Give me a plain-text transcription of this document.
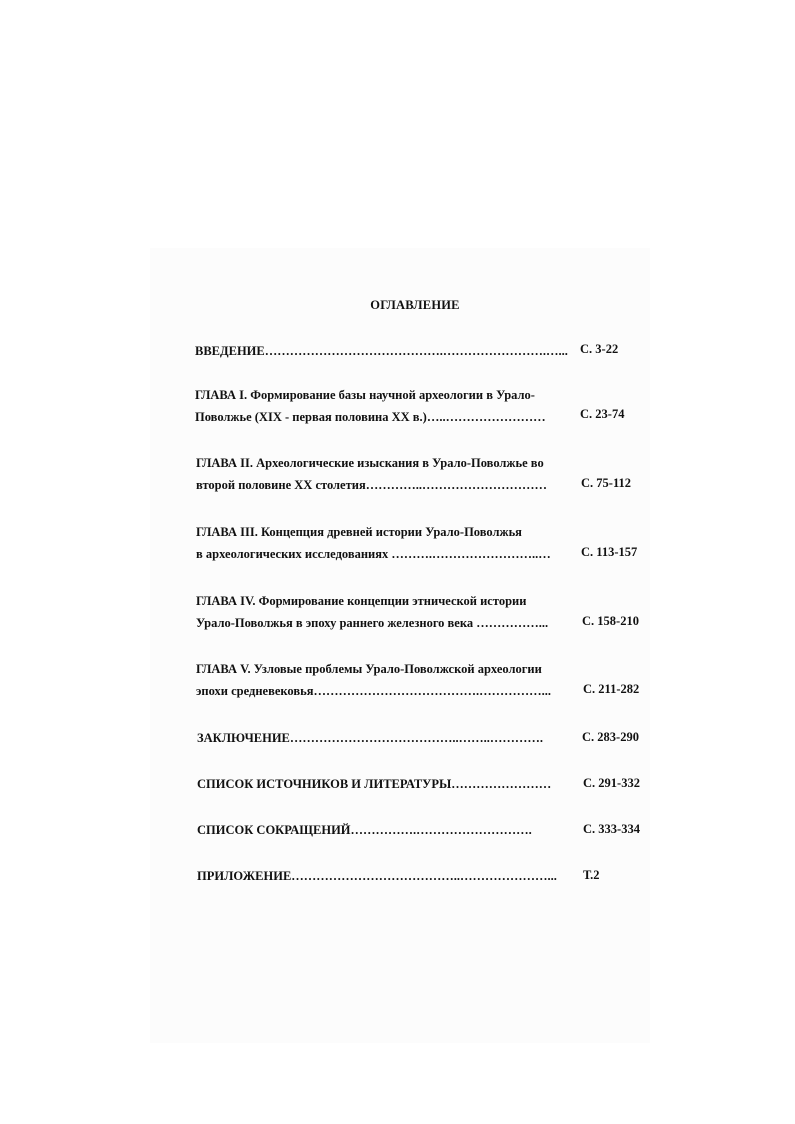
ОГЛАВЛЕНИЕ
ВВЕДЕНИЕ…………………………………….…………………….…... С. 3-22
ГЛАВА I. Формирование базы научной археологии в Урало-
Поволжье (XIX - первая половина XX в.)…..……………………	С. 23-74
ГЛАВА II. Археологические изыскания в Урало-Поволжье во
второй половине XX столетия…………..…………………………	С. 75-112
ГЛАВА III. Концепция древней истории Урало-Поволжья
в археологических исследованиях ……….……………………..… С. 113-157
ГЛАВА IV. Формирование концепции этнической истории
Урало-Поволжья в эпоху раннего железного века ……………...	С. 158-210
ГЛАВА V. Узловые проблемы Урало-Поволжской археологии
эпохи средневековья………………………………….……………...	С. 211-282
ЗАКЛЮЧЕНИЕ…………………………………..……..………….	С. 283-290
СПИСОК ИСТОЧНИКОВ И ЛИТЕРАТУРЫ……………………	С. 291-332
СПИСОК СОКРАЩЕНИЙ…………….……………………….	С. 333-334
ПРИЛОЖЕНИЕ…………………………………..…………………... Т.2
